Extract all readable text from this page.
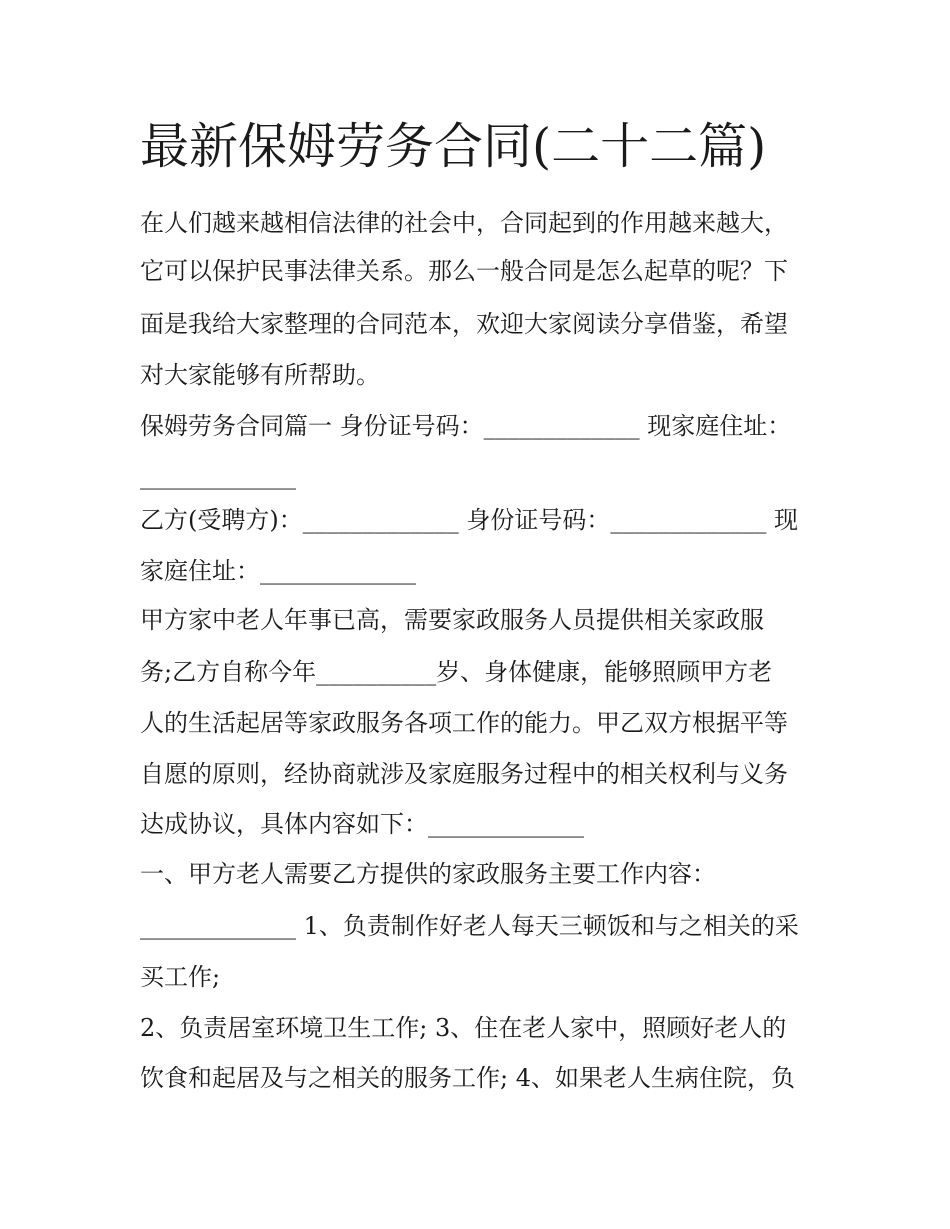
最新保姆劳务合同(二十二篇)

在人们越来越相信法律的社会中，合同起到的作用越来越大，

它可以保护民事法律关系。那么一般合同是怎么起草的呢？下

面是我给大家整理的合同范本，欢迎大家阅读分享借鉴，希望

对大家能够有所帮助。

保姆劳务合同篇一 身份证号码：_____________ 现家庭住址：

_____________

乙方(受聘方)：_____________ 身份证号码：_____________ 现

家庭住址：_____________

甲方家中老人年事已高，需要家政服务人员提供相关家政服

务;乙方自称今年__________岁、身体健康，能够照顾甲方老

人的生活起居等家政服务各项工作的能力。甲乙双方根据平等

自愿的原则，经协商就涉及家庭服务过程中的相关权利与义务

达成协议，具体内容如下：_____________

一、甲方老人需要乙方提供的家政服务主要工作内容：

_____________ 1、负责制作好老人每天三顿饭和与之相关的采

买工作;

2、负责居室环境卫生工作; 3、住在老人家中，照顾好老人的

饮食和起居及与之相关的服务工作; 4、如果老人生病住院，负
